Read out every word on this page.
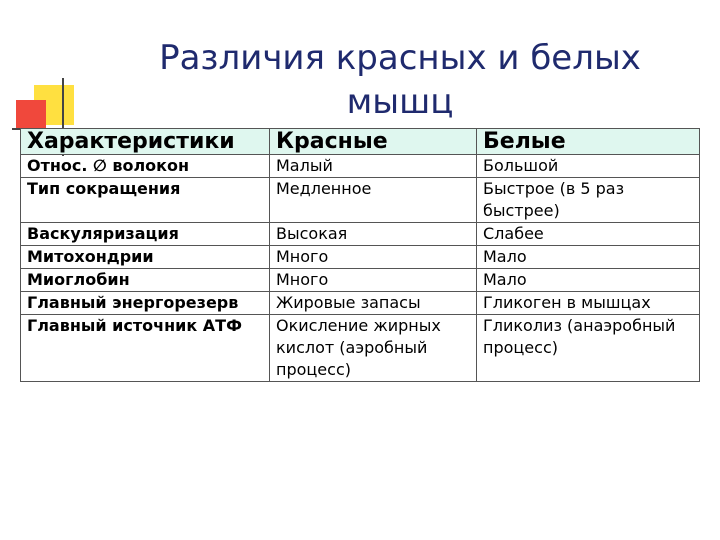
Различия красных и белых мышц
Характеристики	Красные	Белые
Относ. ∅ волокон	Малый	Большой
Тип сокращения	Медленное	Быстрое (в 5 раз быстрее)
Васкуляризация	Высокая	Слабее
Митохондрии	Много	Мало
Миоглобин	Много	Мало
Главный энергорезерв	Жировые запасы	Гликоген в мышцах
Главный источник АТФ	Окисление жирных кислот (аэробный процесс)	Гликолиз (анаэробный процесс)
